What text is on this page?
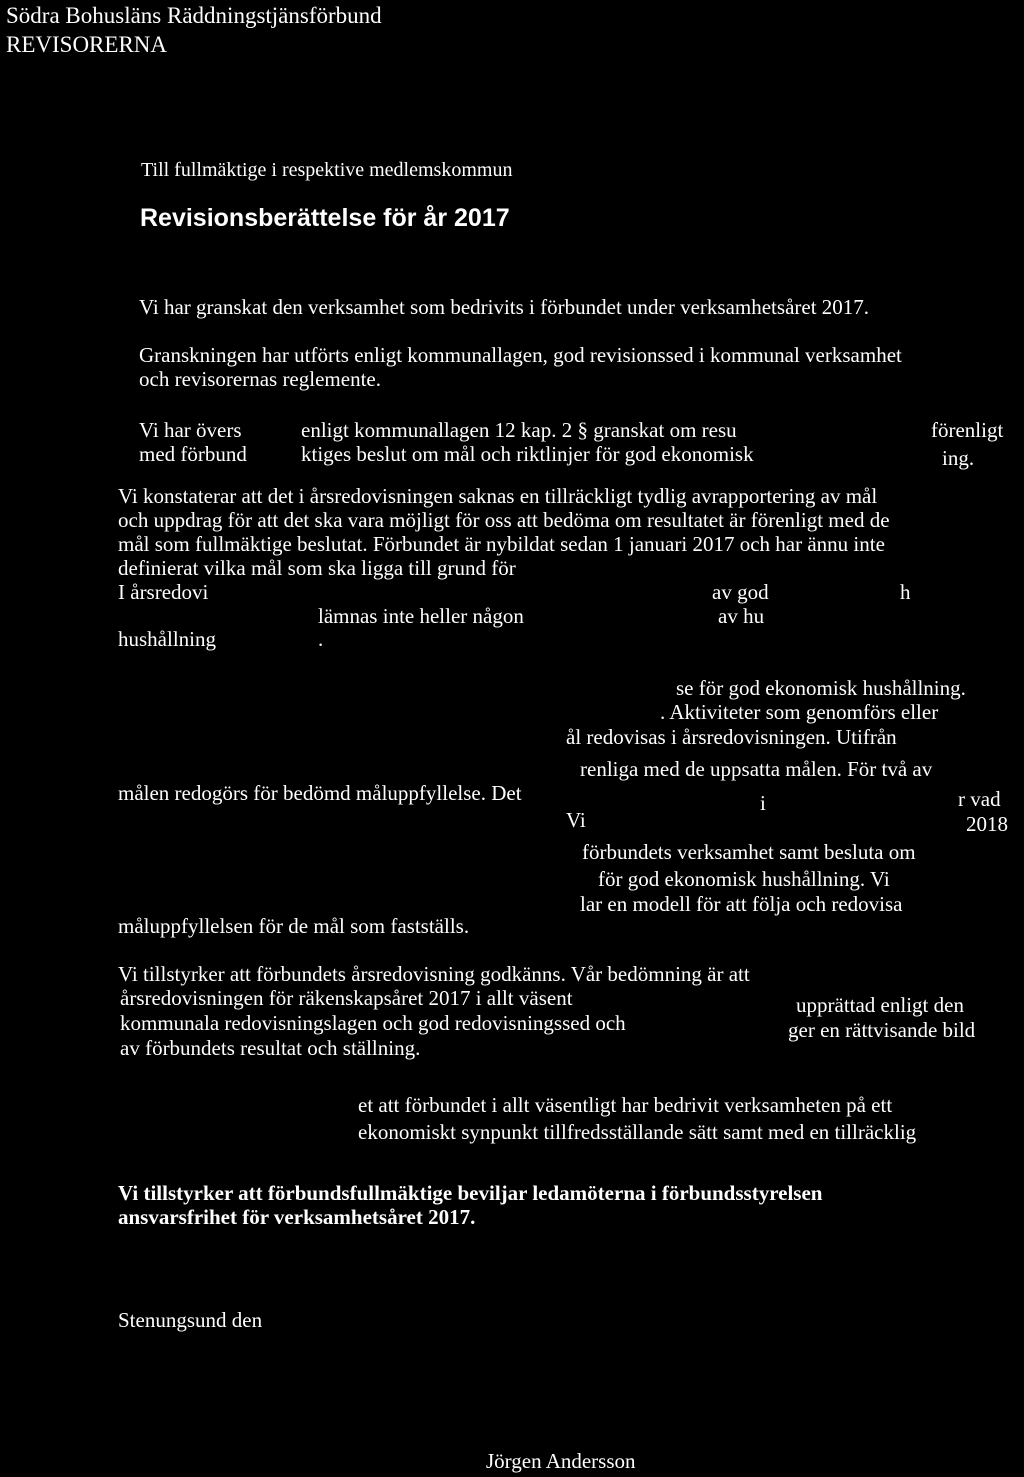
Södra Bohusläns Räddningstjänsförbund
REVISORERNA
Till fullmäktige i respektive medlemskommun
Revisionsberättelse för år 2017
Vi har granskat den verksamhet som bedrivits i förbundet under verksamhetsåret 2017.
Granskningen har utförts enligt kommunallagen, god revisionssed i kommunal verksamhet
och revisorernas reglemente.
Vi har övers	enligt kommunallagen 12 kap. 2 § granskat om resu	förenligt
med förbund	ktiges beslut om mål och riktlinjer för god ekonomisk	ing.
Vi konstaterar att det i årsredovisningen saknas en tillräckligt tydlig avrapportering av mål
och uppdrag för att det ska vara möjligt för oss att bedöma om resultatet är förenligt med de
mål som fullmäktige beslutat. Förbundet är nybildat sedan 1 januari 2017 och har ännu inte
definierat vilka mål som ska ligga till grund för
av god	h
I årsredovi
lämnas inte heller någon	av hu
hushållning	.
se för god ekonomisk hushållning.
. Aktiviteter som genomförs eller
ål redovisas i årsredovisningen. Utifrån
renliga med de uppsatta målen. För två av
målen redogörs för bedömd måluppfyllelse. Det	i	r vad
Vi	2018
förbundets verksamhet samt besluta om
för god ekonomisk hushållning. Vi
lar en modell för att följa och redovisa
måluppfyllelsen för de mål som fastställs.
Vi tillstyrker att förbundets årsredovisning godkänns. Vår bedömning är att
årsredovisningen för räkenskapsåret 2017 i allt väsent	upprättad enligt den
kommunala redovisningslagen och god redovisningssed och	ger en rättvisande bild
av förbundets resultat och ställning.
et att förbundet i allt väsentligt har bedrivit verksamheten på ett
ekonomiskt synpunkt tillfredsställande sätt samt med en tillräcklig
Vi tillstyrker att förbundsfullmäktige beviljar ledamöterna i förbundsstyrelsen
ansvarsfrihet för verksamhetsåret 2017.
Stenungsund den
Jörgen Andersson
